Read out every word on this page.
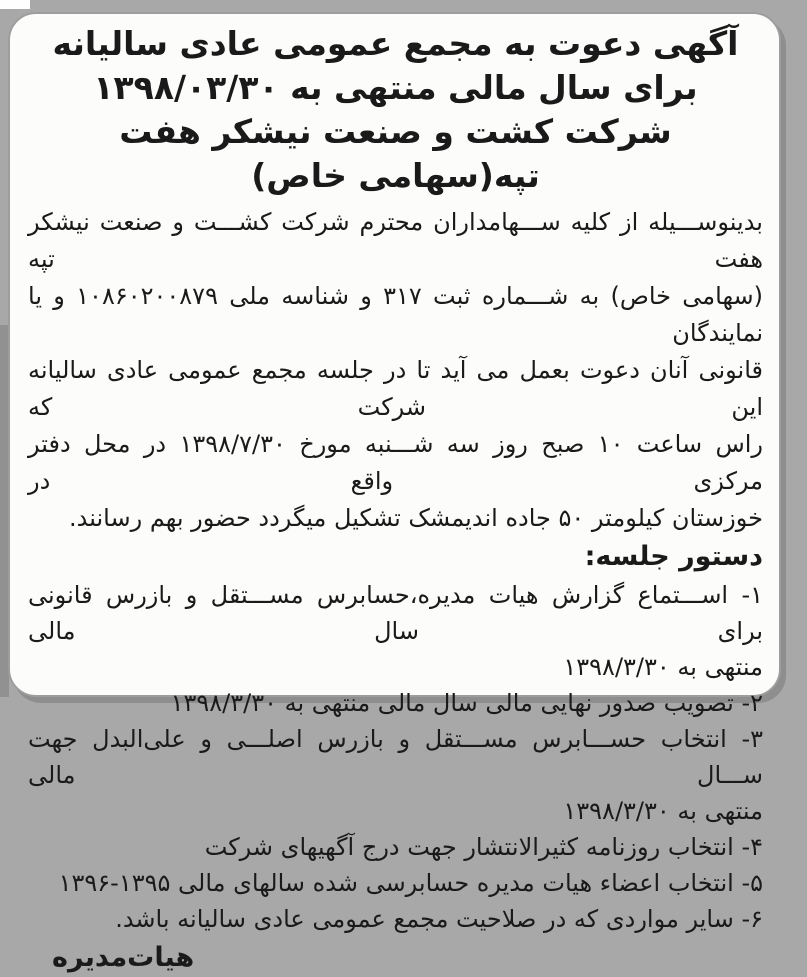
آگهی دعوت به مجمع عمومی عادی سالیانه
برای سال مالی منتهی به ۱۳۹۸/۰۳/۳۰
شرکت کشت و صنعت نیشکر هفت تپه(سهامی خاص)
بدینوســـیله از کلیه ســـهامداران محترم شرکت کشـــت و صنعت نیشکر هفت تپه
(سهامی خاص) به شـــماره ثبت ۳۱۷ و شناسه ملی ۱۰۸۶۰۲۰۰۸۷۹ و یا نمایندگان
قانونی آنان دعوت بعمل می آید تا در جلسه مجمع عمومی عادی سالیانه این شرکت که
راس ساعت ۱۰ صبح روز سه شـــنبه مورخ ۱۳۹۸/۷/۳۰ در محل دفتر مرکزی واقع در
خوزستان کیلومتر ۵۰ جاده اندیمشک تشکیل میگردد حضور بهم رسانند.
دستور جلسه:
۱- اســـتماع گزارش هیات مدیره،حسابرس مســـتقل و بازرس قانونی برای سال مالی
منتهی به ۱۳۹۸/۳/۳۰
۲- تصویب صدور نهایی مالی سال مالی منتهی به ۱۳۹۸/۳/۳۰
۳- انتخاب حســـابرس مســـتقل و بازرس اصلـــی و علی‌البدل جهت ســـال مالی
منتهی به ۱۳۹۸/۳/۳۰
۴- انتخاب روزنامه کثیرالانتشار جهت درج آگهیهای شرکت
۵- انتخاب اعضاء هیات مدیره حسابرسی شده سالهای مالی ۱۳۹۵‏-‏۱۳۹۶
۶- سایر مواردی که در صلاحیت مجمع عمومی عادی سالیانه باشد.
هیات‌مدیره
